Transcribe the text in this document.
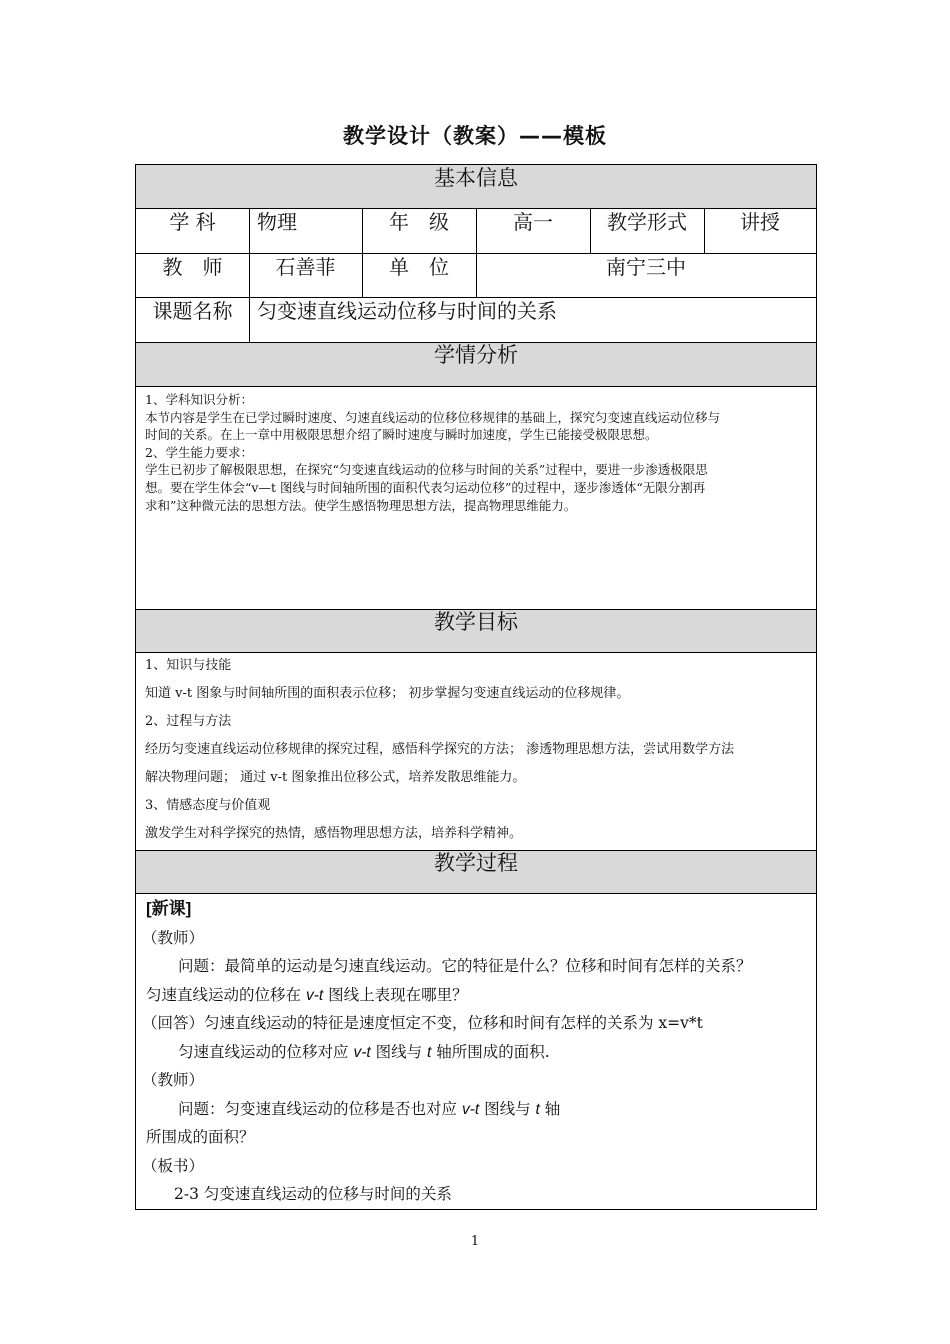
教学设计（教案）——模板
基本信息
学 科	物理	年　级	高一	教学形式	讲授
教　师	石善菲	单　位	南宁三中
课题名称	匀变速直线运动位移与时间的关系
学情分析

1、学科知识分析：

本节内容是学生在已学过瞬时速度、匀速直线运动的位移位移规律的基础上，探究匀变速直线运动位移与

时间的关系。在上一章中用极限思想介绍了瞬时速度与瞬时加速度，学生已能接受极限思想。

2、学生能力要求：

学生已初步了解极限思想，在探究“匀变速直线运动的位移与时间的关系”过程中，要进一步渗透极限思

想。要在学生体会“v—t 图线与时间轴所围的面积代表匀运动位移”的过程中，逐步渗透体“无限分割再

求和”这种微元法的思想方法。使学生感悟物理思想方法，提高物理思维能力。

教学目标

1、知识与技能

知道 v-t 图象与时间轴所围的面积表示位移； 初步掌握匀变速直线运动的位移规律。

2、过程与方法

经历匀变速直线运动位移规律的探究过程，感悟科学探究的方法； 渗透物理思想方法，尝试用数学方法

解决物理问题； 通过 v-t 图象推出位移公式，培养发散思维能力。

3、情感态度与价值观

激发学生对科学探究的热情，感悟物理思想方法，培养科学精神。

教学过程

[新课]

（教师）

问题：最简单的运动是匀速直线运动。它的特征是什么？位移和时间有怎样的关系？

匀速直线运动的位移在 v-t 图线上表现在哪里？

（回答）匀速直线运动的特征是速度恒定不变，位移和时间有怎样的关系为 x=v*t

匀速直线运动的位移对应 v-t 图线与 t 轴所围成的面积.

（教师）

问题：匀变速直线运动的位移是否也对应 v-t 图线与 t 轴

所围成的面积？

（板书）

2-3 匀变速直线运动的位移与时间的关系

1
